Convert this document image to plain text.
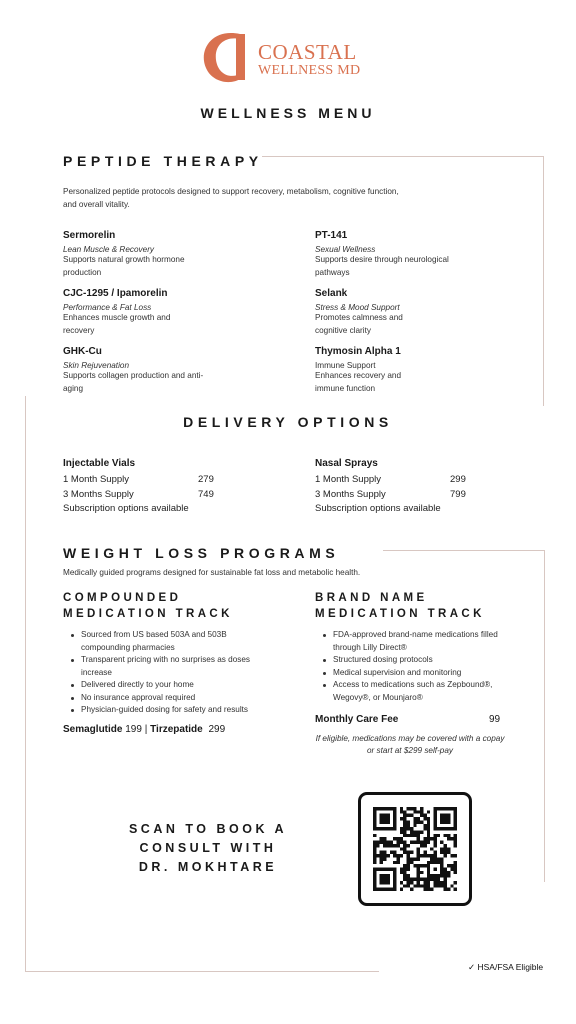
COASTAL
WELLNESS MD
WELLNESS MENU
PEPTIDE THERAPY
Personalized peptide protocols designed to support recovery, metabolism, cognitive function, and overall vitality.
Sermorelin
Lean Muscle & Recovery
Supports natural growth hormone production
PT-141
Sexual Wellness
Supports desire through neurological pathways
CJC-1295 / Ipamorelin
Performance & Fat Loss
Enhances muscle growth and recovery
Selank
Stress & Mood Support
Promotes calmness and cognitive clarity
GHK-Cu
Skin Rejuvenation
Supports collagen production and anti-aging
Thymosin Alpha 1
Immune Support
Enhances recovery and immune function
DELIVERY OPTIONS
Injectable Vials
1 Month Supply	279
3 Months Supply	749
Subscription options available
Nasal Sprays
1 Month Supply	299
3 Months Supply	799
Subscription options available
WEIGHT LOSS PROGRAMS
Medically guided programs designed for sustainable fat loss and metabolic health.
COMPOUNDED
MEDICATION TRACK
Sourced from US based 503A and 503B compounding pharmacies
Transparent pricing with no surprises as doses increase
Delivered directly to your home
No insurance approval required
Physician-guided dosing for safety and results
Semaglutide 199 | Tirzepatide 299
BRAND NAME
MEDICATION TRACK
FDA-approved brand-name medications filled through Lilly Direct®
Structured dosing protocols
Medical supervision and monitoring
Access to medications such as Zepbound®, Wegovy®, or Mounjaro®
Monthly Care Fee	99
If eligible, medications may be covered with a copay or start at $299 self-pay
SCAN TO BOOK A
CONSULT WITH
DR. MOKHTARE
✓ HSA/FSA Eligible
